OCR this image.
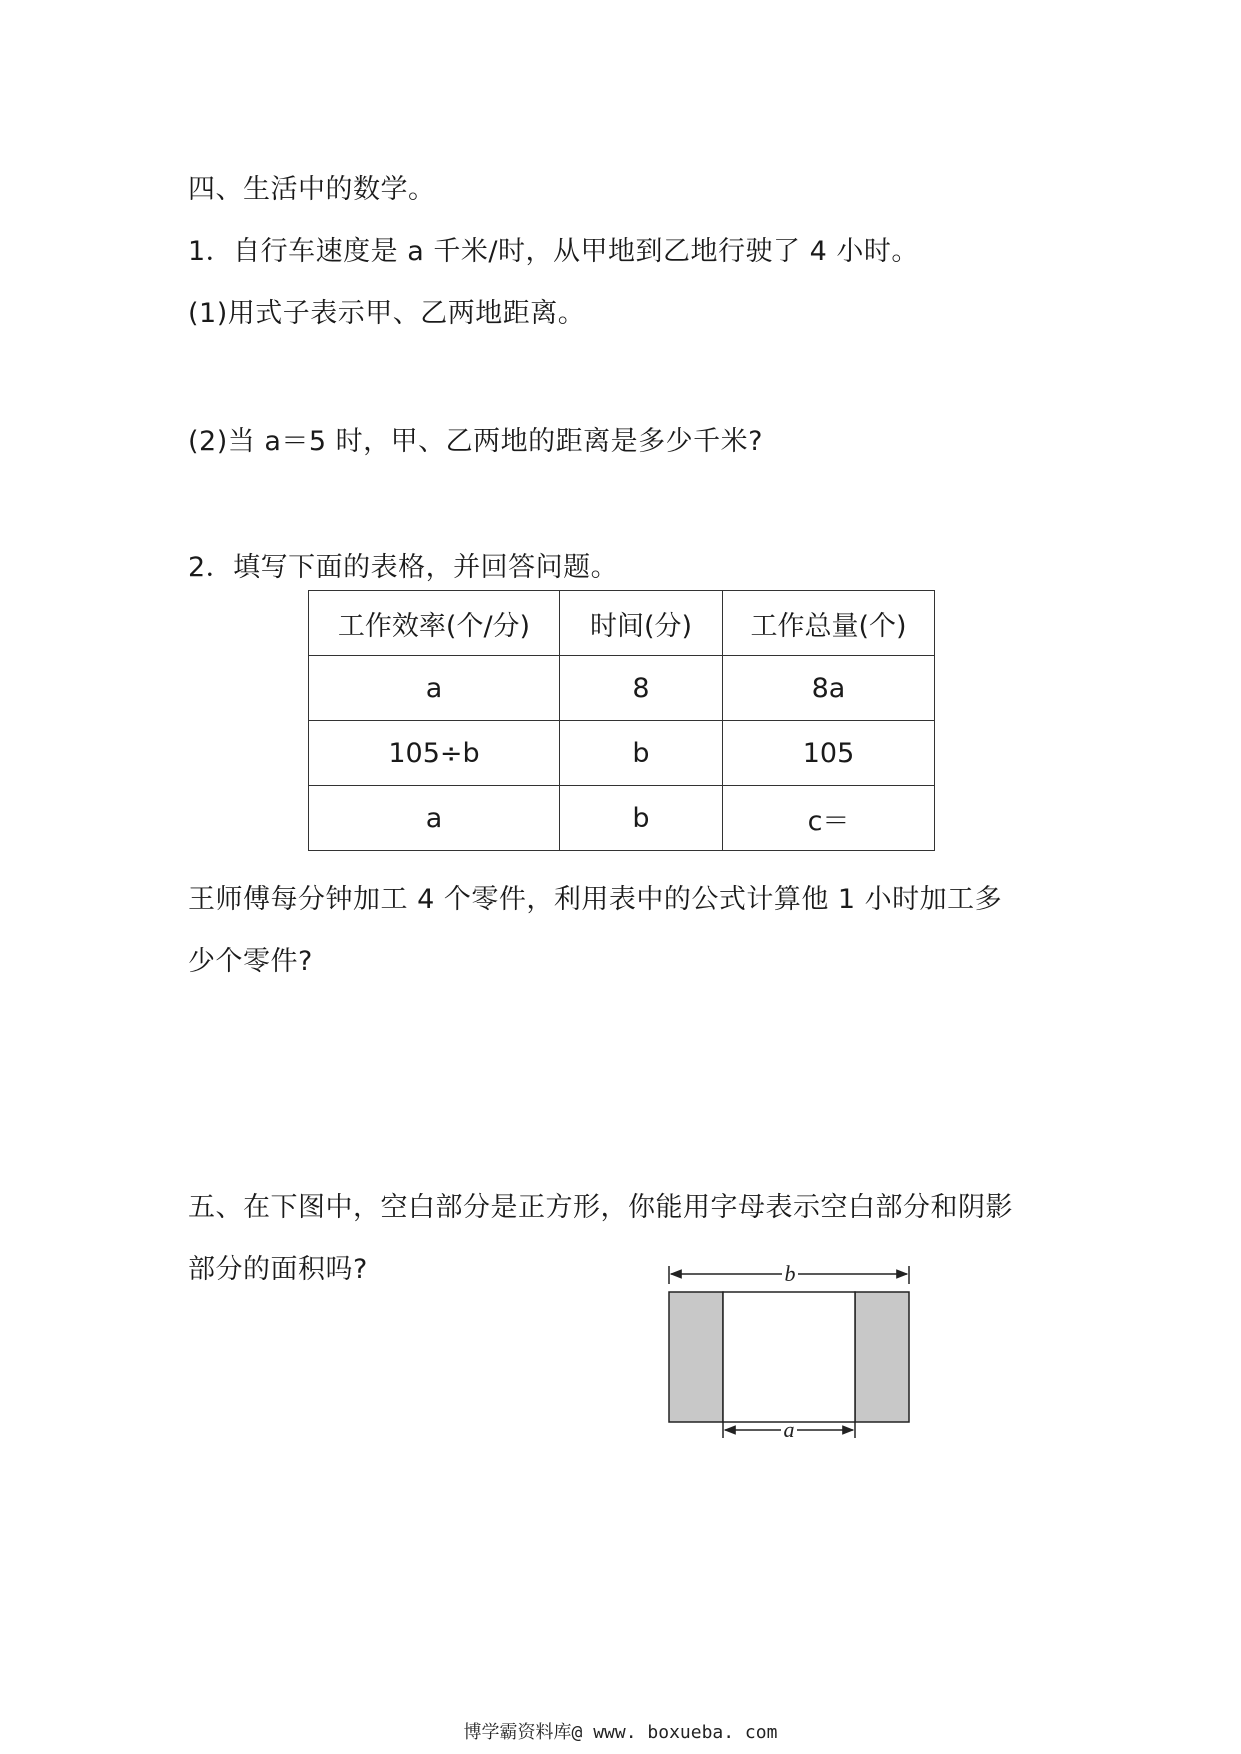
四、生活中的数学。
1．自行车速度是 a 千米/时，从甲地到乙地行驶了 4 小时。
(1)用式子表示甲、乙两地距离。
(2)当 a＝5 时，甲、乙两地的距离是多少千米?
2．填写下面的表格，并回答问题。
工作效率(个/分)	时间(分)	工作总量(个)
a	8	8a
105÷b	b	105
a	b	c＝
王师傅每分钟加工 4 个零件，利用表中的公式计算他 1 小时加工多
少个零件?
五、在下图中，空白部分是正方形，你能用字母表示空白部分和阴影
部分的面积吗?	b
a
博学霸资料库@ www. boxueba. com
